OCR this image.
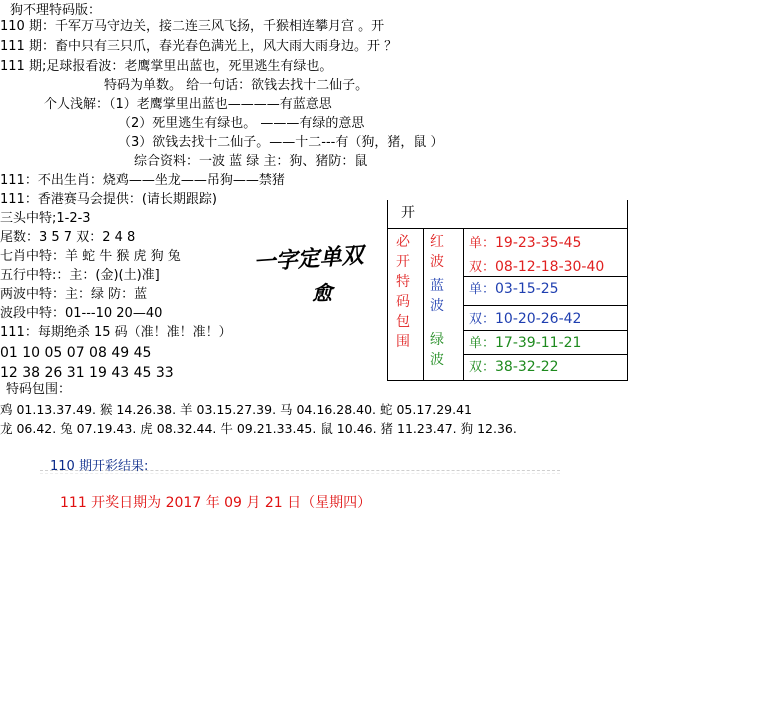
狗不理特码版：
110 期：千军万马守边关，接二连三风飞扬，千猴相连攀月宫 。开
111 期：畜中只有三只爪，春光春色满光上，风大雨大雨身边。开 ？
111 期;足球报看波：老鹰掌里出蓝也，死里逃生有绿也。
特码为单数。 给一句话：欲钱去找十二仙子。
个人浅解：（1）老鹰掌里出蓝也————有蓝意思
（2）死里逃生有绿也。 ———有绿的意思
（3）欲钱去找十二仙子。——十二---有（狗，猪，鼠 ）
综合资料：一波 蓝 绿 主：狗、猪防：鼠
111：不出生肖：烧鸡——坐龙——吊狗——禁猪
111：香港赛马会提供：(请长期跟踪)
三头中特;1-2-3
尾数：3 5 7 双：2 4 8
七肖中特：羊 蛇 牛 猴 虎 狗 兔
五行中特:：主：(金)(土)准]
两波中特：主：绿 防：蓝
波段中特：01---10 20—40
111：每期绝杀 15 码（准！准！准！）
01 10 05 07 08 49 45
12 38 26 31 19 43 45 33
特码包围：
鸡 01.13.37.49. 猴 14.26.38. 羊 03.15.27.39. 马 04.16.28.40. 蛇 05.17.29.41
龙 06.42. 兔 07.19.43. 虎 08.32.44. 牛 09.21.33.45. 鼠 10.46. 猪 11.23.47. 狗 12.36.
一字定单双
愈
开
必开特码包围
红波
蓝波
绿波
单：19-23-35-45
双：08-12-18-30-40
单：03-15-25
双：10-20-26-42
单：17-39-11-21
双：38-32-22
110 期开彩结果:
111 开奖日期为 2017 年 09 月 21 日（星期四）
